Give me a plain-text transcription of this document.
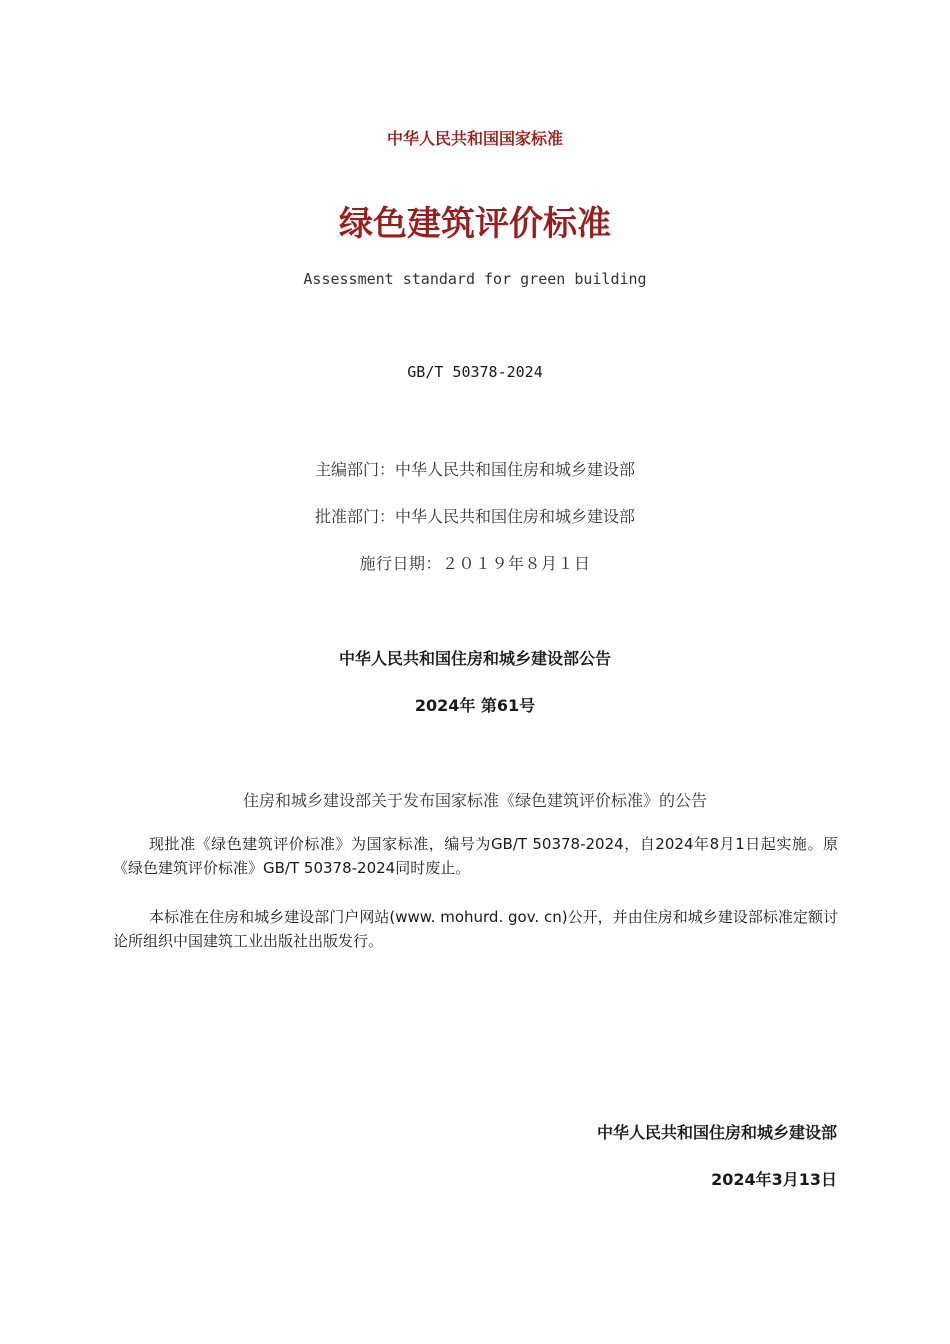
中华人民共和国国家标准
绿色建筑评价标准
Assessment standard for green building
GB/T 50378-2024
主编部门：中华人民共和国住房和城乡建设部
批准部门：中华人民共和国住房和城乡建设部
施行日期：２０１９年８月１日
中华人民共和国住房和城乡建设部公告
2024年 第61号
住房和城乡建设部关于发布国家标准《绿色建筑评价标准》的公告

现批准《绿色建筑评价标准》为国家标准，编号为GB/T 50378-2024，自2024年8月1日起实施。原《绿色建筑评价标准》GB/T 50378-2024同时废止。

本标准在住房和城乡建设部门户网站(www. mohurd. gov. cn)公开，并由住房和城乡建设部标准定额讨论所组织中国建筑工业出版社出版发行。

中华人民共和国住房和城乡建设部
2024年3月13日
